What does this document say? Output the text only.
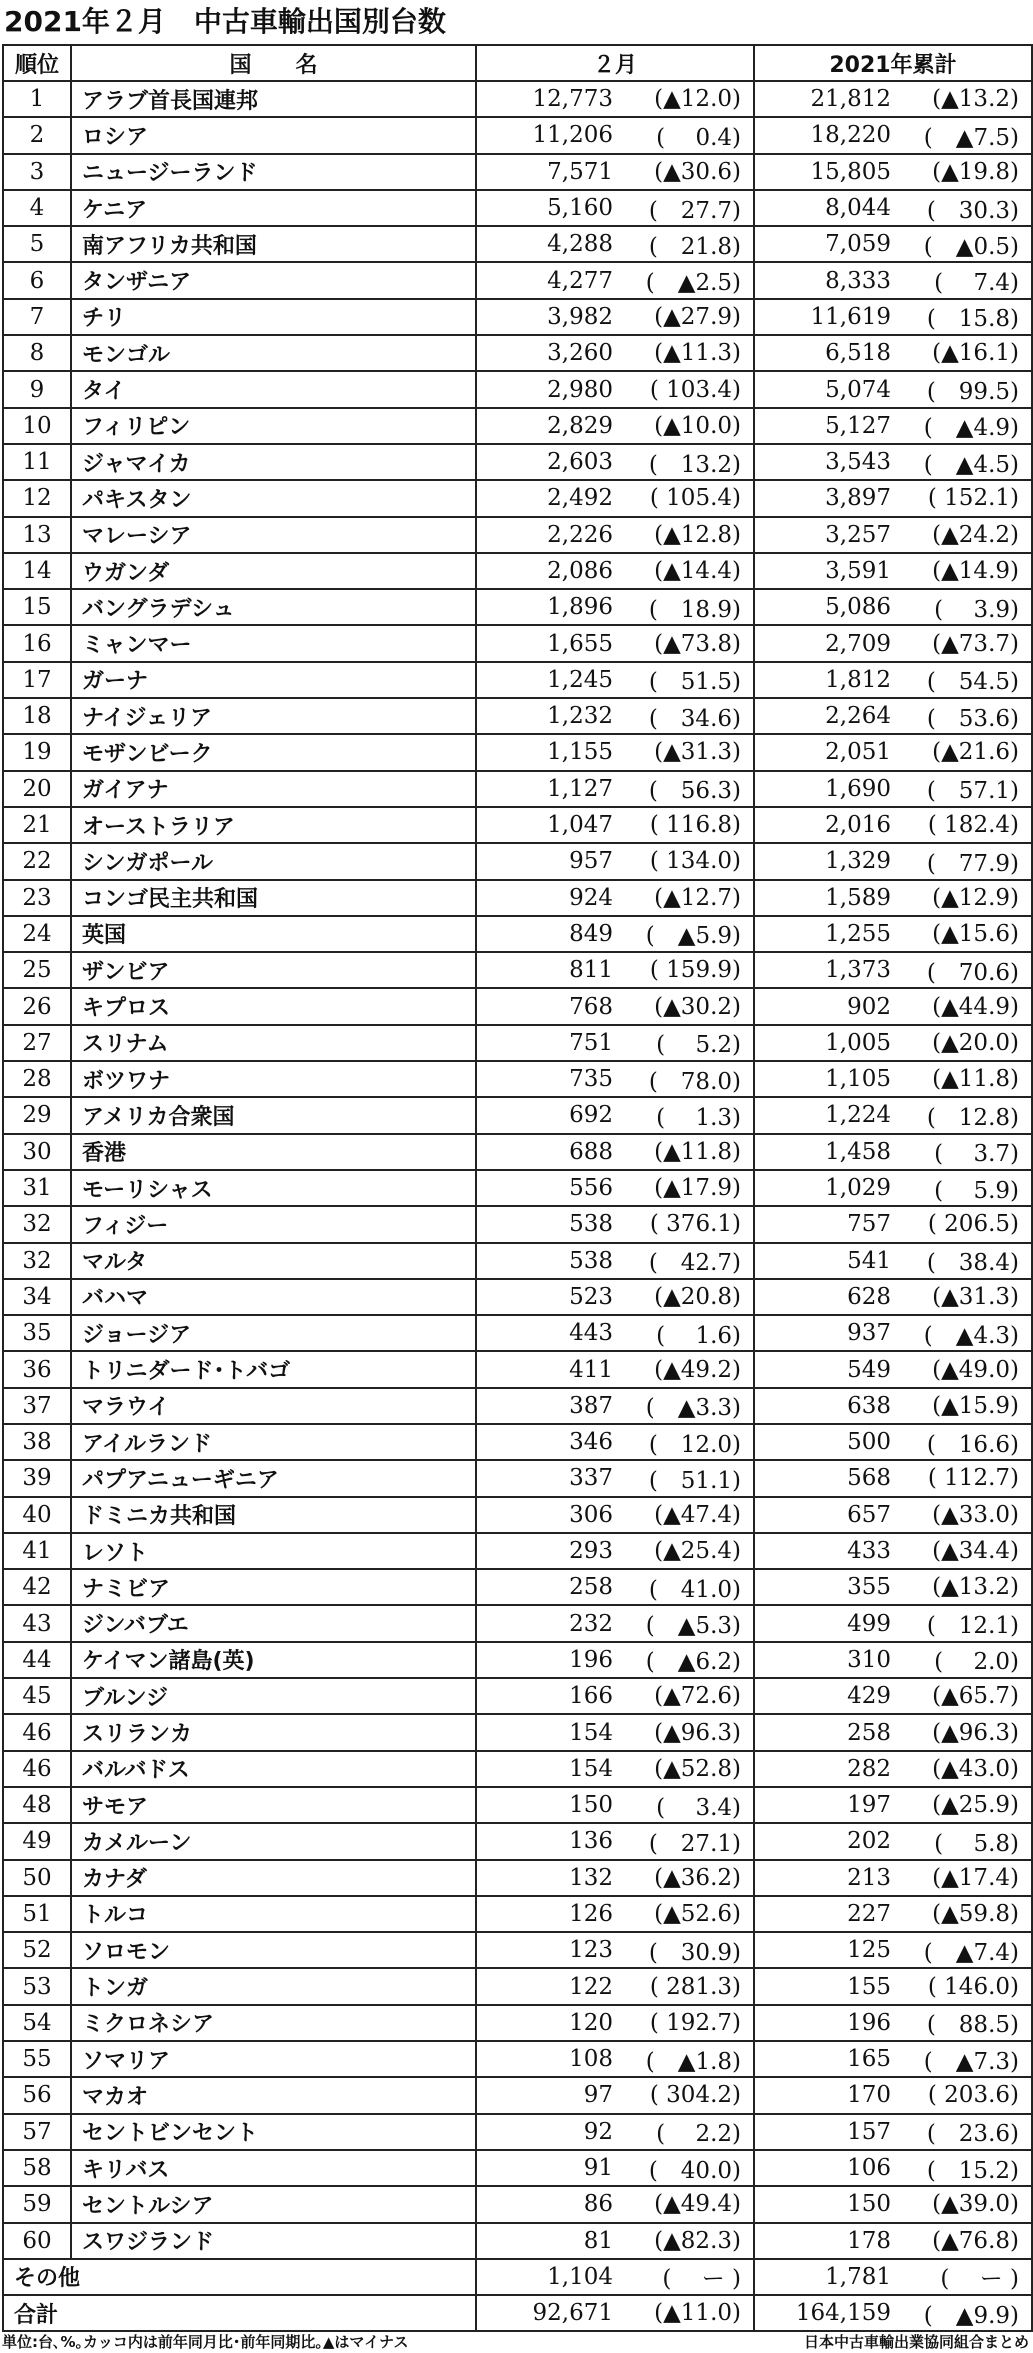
2021年２月　中古車輸出国別台数
順位	国　　名	２月	2021年累計
1	アラブ首長国連邦	12,773 (▲12.0)	21,812 (▲13.2)

2	ロシア	11,206 (　 0.4)	18,220 (　▲7.5)

3	ニュージーランド	7,571 (▲30.6)	15,805 (▲19.8)

4	ケニア	5,160 (　27.7)	8,044 (　30.3)

5	南アフリカ共和国	4,288 (　21.8)	7,059 (　▲0.5)

6	タンザニア	4,277 (　▲2.5)	8,333 (　 7.4)

7	チリ	3,982 (▲27.9)	11,619 (　15.8)

8	モンゴル	3,260 (▲11.3)	6,518 (▲16.1)

9	タイ	2,980 ( 103.4)	5,074 (　99.5)

10	フィリピン	2,829 (▲10.0)	5,127 (　▲4.9)

11	ジャマイカ	2,603 (　13.2)	3,543 (　▲4.5)

12	パキスタン	2,492 ( 105.4)	3,897 ( 152.1)

13	マレーシア	2,226 (▲12.8)	3,257 (▲24.2)

14	ウガンダ	2,086 (▲14.4)	3,591 (▲14.9)

15	バングラデシュ	1,896 (　18.9)	5,086 (　 3.9)

16	ミャンマー	1,655 (▲73.8)	2,709 (▲73.7)

17	ガーナ	1,245 (　51.5)	1,812 (　54.5)

18	ナイジェリア	1,232 (　34.6)	2,264 (　53.6)

19	モザンビーク	1,155 (▲31.3)	2,051 (▲21.6)

20	ガイアナ	1,127 (　56.3)	1,690 (　57.1)

21	オーストラリア	1,047 ( 116.8)	2,016 ( 182.4)

22	シンガポール	957 ( 134.0)	1,329 (　77.9)

23	コンゴ民主共和国	924 (▲12.7)	1,589 (▲12.9)

24	英国	849 (　▲5.9)	1,255 (▲15.6)

25	ザンビア	811 ( 159.9)	1,373 (　70.6)

26	キプロス	768 (▲30.2)	902 (▲44.9)

27	スリナム	751 (　 5.2)	1,005 (▲20.0)

28	ボツワナ	735 (　78.0)	1,105 (▲11.8)

29	アメリカ合衆国	692 (　 1.3)	1,224 (　12.8)

30	香港	688 (▲11.8)	1,458 (　 3.7)

31	モーリシャス	556 (▲17.9)	1,029 (　 5.9)

32	フィジー	538 ( 376.1)	757 ( 206.5)

32	マルタ	538 (　42.7)	541 (　38.4)

34	バハマ	523 (▲20.8)	628 (▲31.3)

35	ジョージア	443 (　 1.6)	937 (　▲4.3)

36	トリニダード･トバゴ	411 (▲49.2)	549 (▲49.0)

37	マラウイ	387 (　▲3.3)	638 (▲15.9)

38	アイルランド	346 (　12.0)	500 (　16.6)

39	パプアニューギニア	337 (　51.1)	568 ( 112.7)

40	ドミニカ共和国	306 (▲47.4)	657 (▲33.0)

41	レソト	293 (▲25.4)	433 (▲34.4)

42	ナミビア	258 (　41.0)	355 (▲13.2)

43	ジンバブエ	232 (　▲5.3)	499 (　12.1)

44	ケイマン諸島(英)	196 (　▲6.2)	310 (　 2.0)

45	ブルンジ	166 (▲72.6)	429 (▲65.7)

46	スリランカ	154 (▲96.3)	258 (▲96.3)

46	バルバドス	154 (▲52.8)	282 (▲43.0)

48	サモア	150 (　 3.4)	197 (▲25.9)

49	カメルーン	136 (　27.1)	202 (　 5.8)

50	カナダ	132 (▲36.2)	213 (▲17.4)

51	トルコ	126 (▲52.6)	227 (▲59.8)

52	ソロモン	123 (　30.9)	125 (　▲7.4)

53	トンガ	122 ( 281.3)	155 ( 146.0)

54	ミクロネシア	120 ( 192.7)	196 (　88.5)

55	ソマリア	108 (　▲1.8)	165 (　▲7.3)

56	マカオ	97 ( 304.2)	170 ( 203.6)

57	セントビンセント	92 (　 2.2)	157 (　23.6)

58	キリバス	91 (　40.0)	106 (　15.2)

59	セントルシア	86 (▲49.4)	150 (▲39.0)

60	スワジランド	81 (▲82.3)	178 (▲76.8)

その他		1,104 (　 ー )	1,781 (　 ー )

合計		92,671 (▲11.0)	164,159 (　▲9.9)
単位:台､%｡カッコ内は前年同月比･前年同期比｡▲はマイナス	日本中古車輸出業協同組合まとめ
